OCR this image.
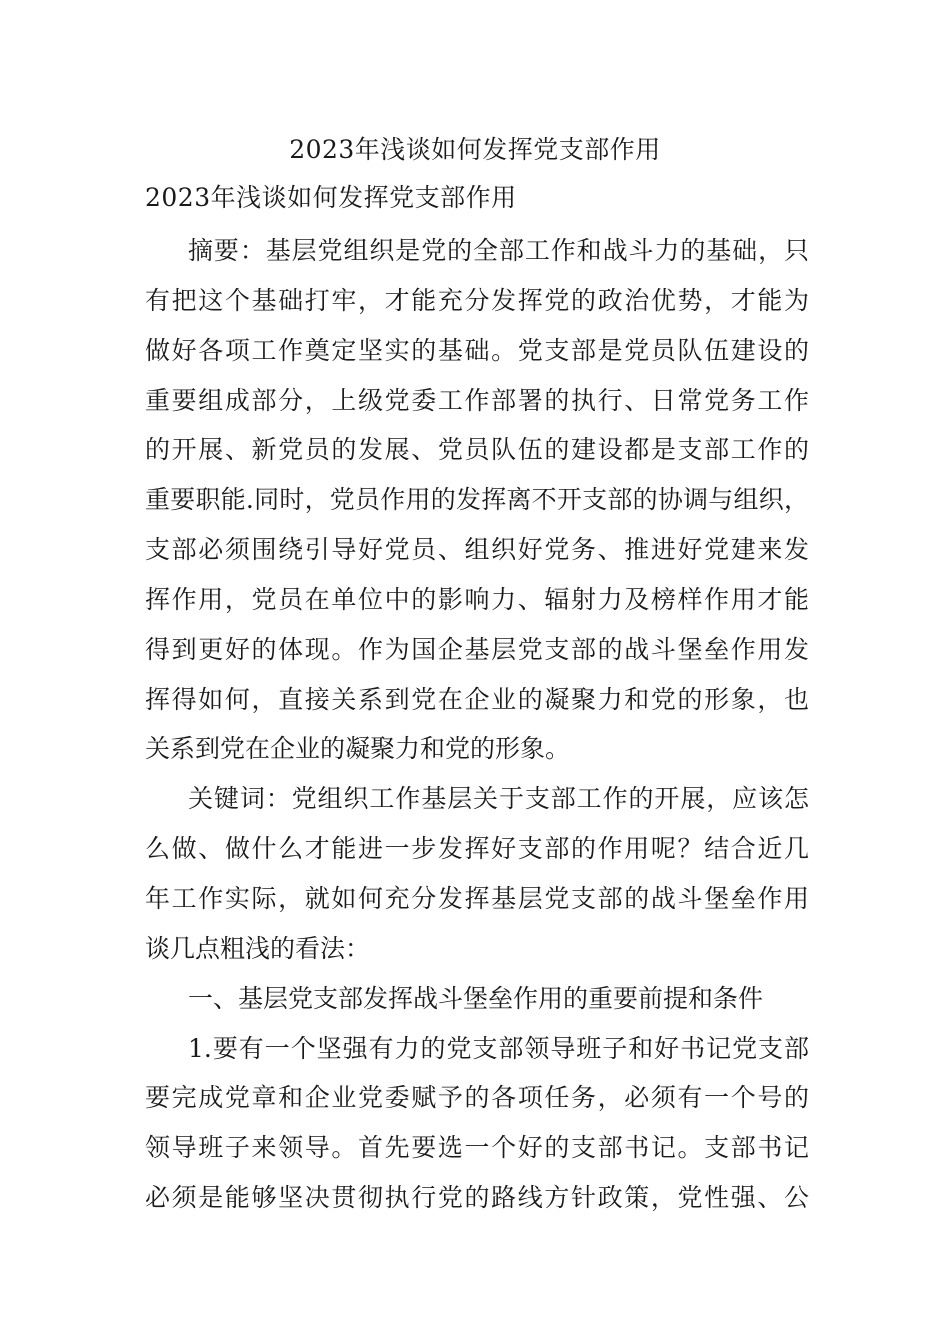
2023年浅谈如何发挥党支部作用
2023年浅谈如何发挥党支部作用
摘要：基层党组织是党的全部工作和战斗力的基础，只
有把这个基础打牢，才能充分发挥党的政治优势，才能为
做好各项工作奠定坚实的基础。党支部是党员队伍建设的
重要组成部分，上级党委工作部署的执行、日常党务工作
的开展、新党员的发展、党员队伍的建设都是支部工作的
重要职能.同时，党员作用的发挥离不开支部的协调与组织，
支部必须围绕引导好党员、组织好党务、推进好党建来发
挥作用，党员在单位中的影响力、辐射力及榜样作用才能
得到更好的体现。作为国企基层党支部的战斗堡垒作用发
挥得如何，直接关系到党在企业的凝聚力和党的形象，也
关系到党在企业的凝聚力和党的形象。
关键词：党组织工作基层关于支部工作的开展，应该怎
么做、做什么才能进一步发挥好支部的作用呢？结合近几
年工作实际，就如何充分发挥基层党支部的战斗堡垒作用
谈几点粗浅的看法：
一、基层党支部发挥战斗堡垒作用的重要前提和条件
1.要有一个坚强有力的党支部领导班子和好书记党支部
要完成党章和企业党委赋予的各项任务，必须有一个号的
领导班子来领导。首先要选一个好的支部书记。支部书记
必须是能够坚决贯彻执行党的路线方针政策，党性强、公
